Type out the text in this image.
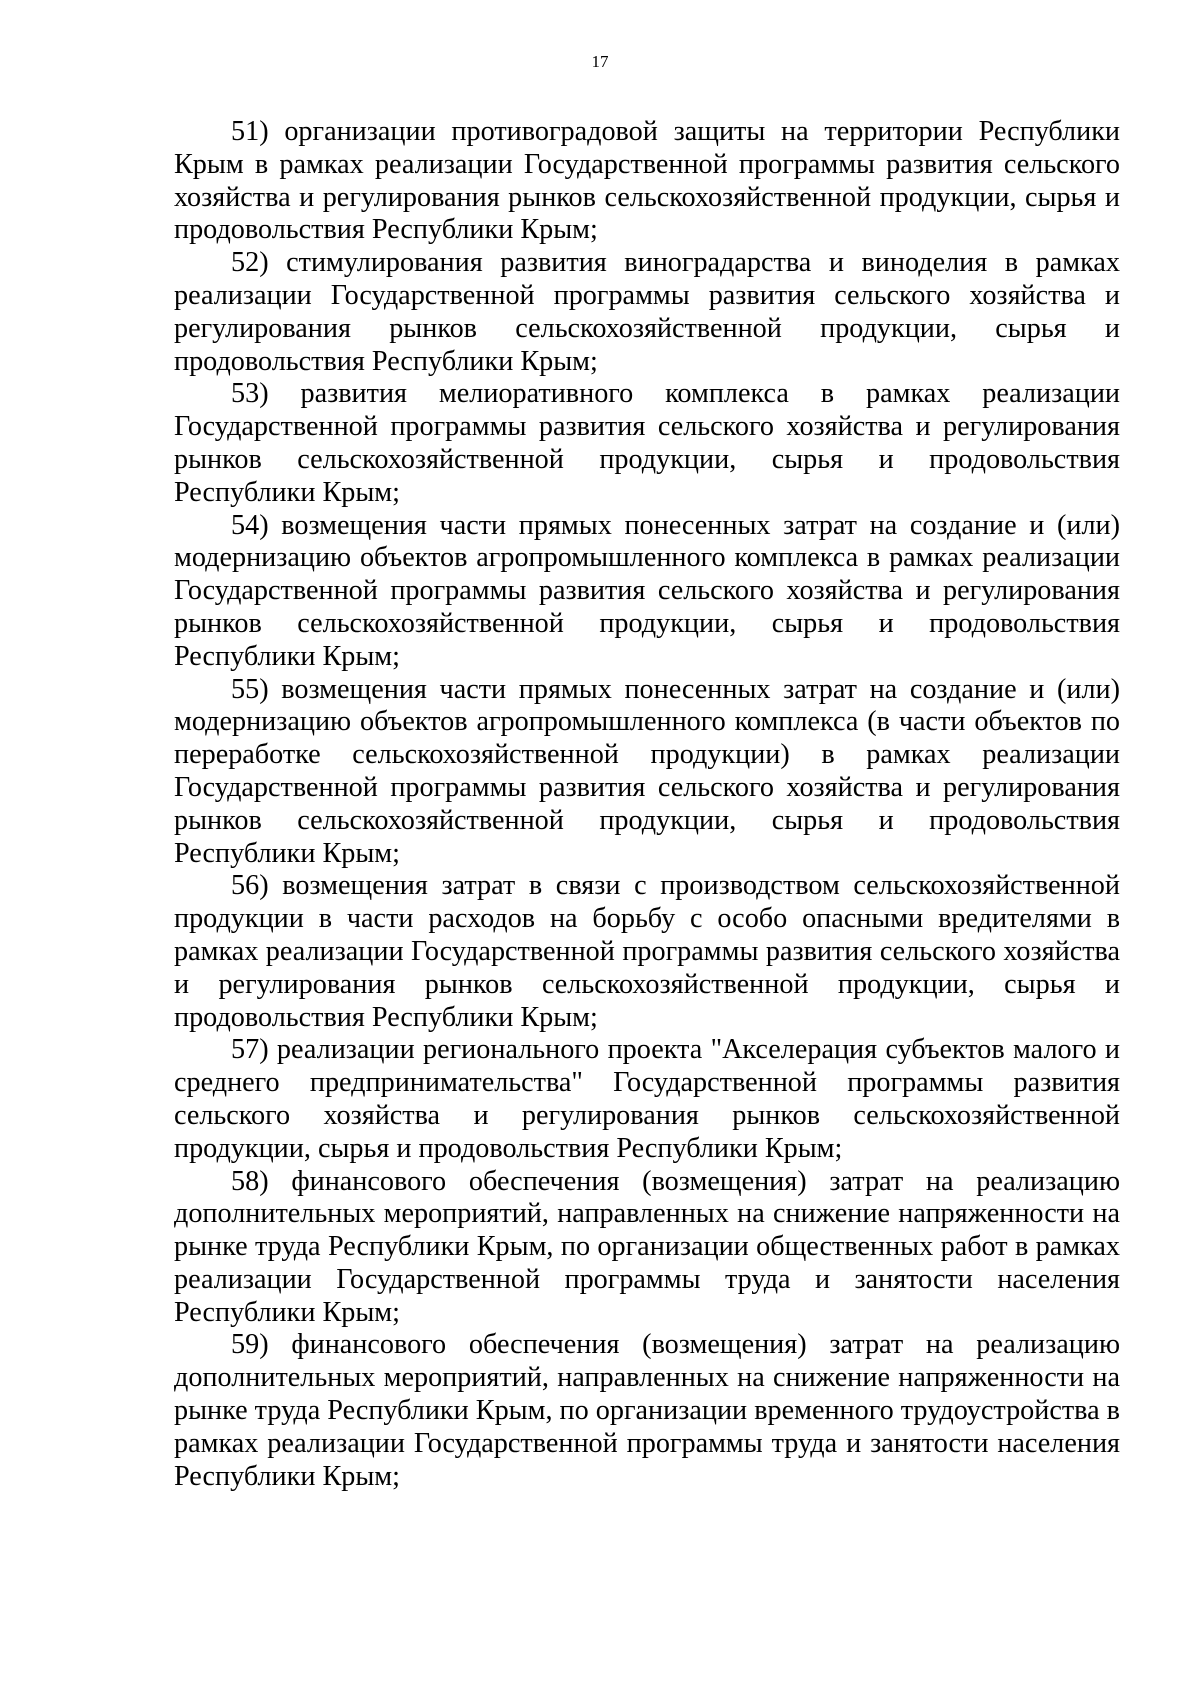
17

51) организации противоградовой защиты на территории Республики Крым в рамках реализации Государственной программы развития сельского хозяйства и регулирования рынков сельскохозяйственной продукции, сырья и продовольствия Республики Крым;

52) стимулирования развития виноградарства и виноделия в рамках реализации Государственной программы развития сельского хозяйства и регулирования рынков сельскохозяйственной продукции, сырья и продовольствия Республики Крым;

53) развития мелиоративного комплекса в рамках реализации Государственной программы развития сельского хозяйства и регулирования рынков сельскохозяйственной продукции, сырья и продовольствия Республики Крым;

54) возмещения части прямых понесенных затрат на создание и (или) модернизацию объектов агропромышленного комплекса в рамках реализации Государственной программы развития сельского хозяйства и регулирования рынков сельскохозяйственной продукции, сырья и продовольствия Республики Крым;

55) возмещения части прямых понесенных затрат на создание и (или) модернизацию объектов агропромышленного комплекса (в части объектов по переработке сельскохозяйственной продукции) в рамках реализации Государственной программы развития сельского хозяйства и регулирования рынков сельскохозяйственной продукции, сырья и продовольствия Республики Крым;

56) возмещения затрат в связи с производством сельскохозяйственной продукции в части расходов на борьбу с особо опасными вредителями в рамках реализации Государственной программы развития сельского хозяйства и регулирования рынков сельскохозяйственной продукции, сырья и продовольствия Республики Крым;

57) реализации регионального проекта "Акселерация субъектов малого и среднего предпринимательства" Государственной программы развития сельского хозяйства и регулирования рынков сельскохозяйственной продукции, сырья и продовольствия Республики Крым;

58) финансового обеспечения (возмещения) затрат на реализацию дополнительных мероприятий, направленных на снижение напряженности на рынке труда Республики Крым, по организации общественных работ в рамках реализации Государственной программы труда и занятости населения Республики Крым;

59) финансового обеспечения (возмещения) затрат на реализацию дополнительных мероприятий, направленных на снижение напряженности на рынке труда Республики Крым, по организации временного трудоустройства в рамках реализации Государственной программы труда и занятости населения Республики Крым;
